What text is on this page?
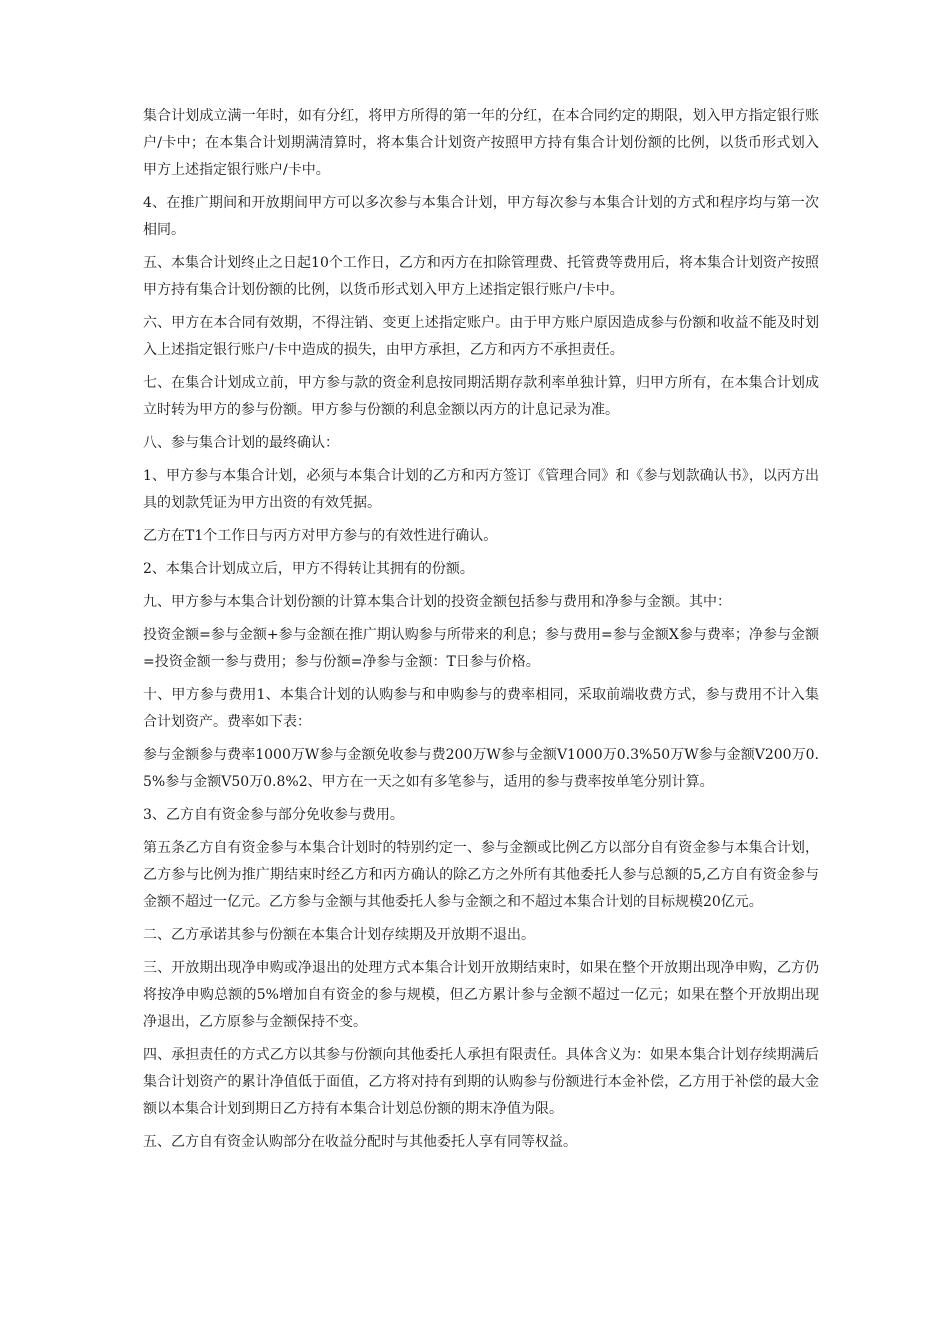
集合计划成立满一年时，如有分红，将甲方所得的第一年的分红，在本合同约定的期限，划入甲方指定银行账户/卡中；在本集合计划期满清算时，将本集合计划资产按照甲方持有集合计划份额的比例，以货币形式划入甲方上述指定银行账户/卡中。

4、在推广期间和开放期间甲方可以多次参与本集合计划，甲方每次参与本集合计划的方式和程序均与第一次相同。

五、本集合计划终止之日起10个工作日，乙方和丙方在扣除管理费、托管费等费用后，将本集合计划资产按照甲方持有集合计划份额的比例，以货币形式划入甲方上述指定银行账户/卡中。

六、甲方在本合同有效期，不得注销、变更上述指定账户。由于甲方账户原因造成参与份额和收益不能及时划入上述指定银行账户/卡中造成的损失，由甲方承担，乙方和丙方不承担责任。

七、在集合计划成立前，甲方参与款的资金利息按同期活期存款利率单独计算，归甲方所有，在本集合计划成立时转为甲方的参与份额。甲方参与份额的利息金额以丙方的计息记录为准。

八、参与集合计划的最终确认：

1、甲方参与本集合计划，必须与本集合计划的乙方和丙方签订《管理合同》和《参与划款确认书》，以丙方出具的划款凭证为甲方出资的有效凭据。

乙方在T1个工作日与丙方对甲方参与的有效性进行确认。

2、本集合计划成立后，甲方不得转让其拥有的份额。

九、甲方参与本集合计划份额的计算本集合计划的投资金额包括参与费用和净参与金额。其中：

投资金额=参与金额+参与金额在推广期认购参与所带来的利息；参与费用=参与金额X参与费率；净参与金额=投资金额一参与费用；参与份额=净参与金额：T日参与价格。

十、甲方参与费用1、本集合计划的认购参与和申购参与的费率相同，采取前端收费方式，参与费用不计入集合计划资产。费率如下表：

参与金额参与费率1000万W参与金额免收参与费200万W参与金额V1000万0.3%50万W参与金额V200万0.5%参与金额V50万0.8%2、甲方在一天之如有多笔参与，适用的参与费率按单笔分别计算。

3、乙方自有资金参与部分免收参与费用。

第五条乙方自有资金参与本集合计划时的特别约定一、参与金额或比例乙方以部分自有资金参与本集合计划，乙方参与比例为推广期结束时经乙方和丙方确认的除乙方之外所有其他委托人参与总额的5,乙方自有资金参与金额不超过一亿元。乙方参与金额与其他委托人参与金额之和不超过本集合计划的目标规模20亿元。

二、乙方承诺其参与份额在本集合计划存续期及开放期不退出。

三、开放期出现净申购或净退出的处理方式本集合计划开放期结束时，如果在整个开放期出现净申购，乙方仍将按净申购总额的5%增加自有资金的参与规模，但乙方累计参与金额不超过一亿元；如果在整个开放期出现净退出，乙方原参与金额保持不变。

四、承担责任的方式乙方以其参与份额向其他委托人承担有限责任。具体含义为：如果本集合计划存续期满后集合计划资产的累计净值低于面值，乙方将对持有到期的认购参与份额进行本金补偿，乙方用于补偿的最大金额以本集合计划到期日乙方持有本集合计划总份额的期末净值为限。

五、乙方自有资金认购部分在收益分配时与其他委托人享有同等权益。
